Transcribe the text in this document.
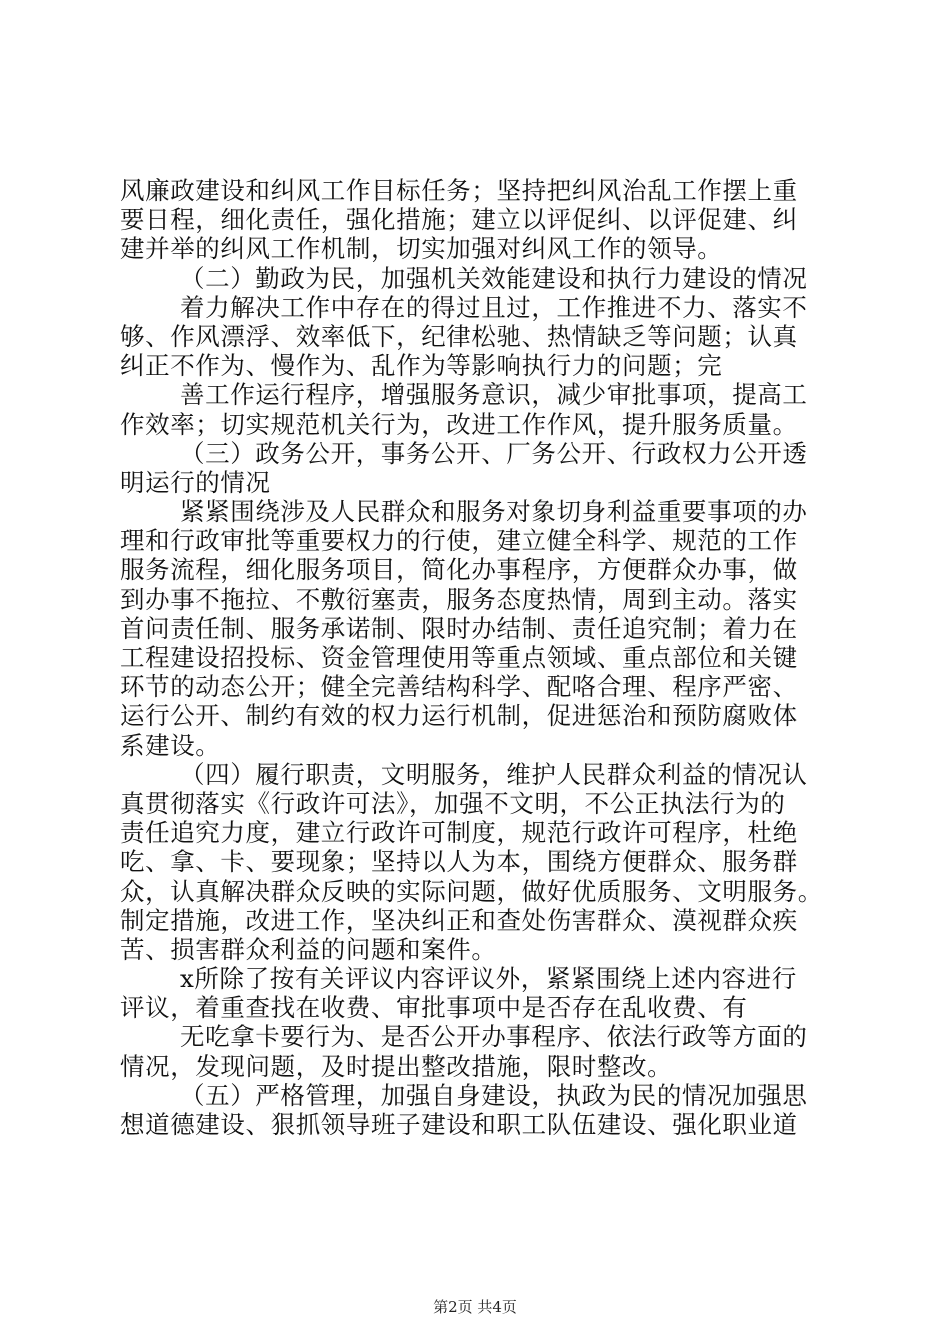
风廉政建设和纠风工作目标任务；坚持把纠风治乱工作摆上重
要日程，细化责任，强化措施；建立以评促纠、以评促建、纠
建并举的纠风工作机制，切实加强对纠风工作的领导。
（二）勤政为民，加强机关效能建设和执行力建设的情况
着力解决工作中存在的得过且过，工作推进不力、落实不
够、作风漂浮、效率低下，纪律松驰、热情缺乏等问题；认真
纠正不作为、慢作为、乱作为等影响执行力的问题；完
善工作运行程序，增强服务意识，减少审批事项，提高工
作效率；切实规范机关行为，改进工作作风，提升服务质量。
（三）政务公开，事务公开、厂务公开、行政权力公开透
明运行的情况
紧紧围绕涉及人民群众和服务对象切身利益重要事项的办
理和行政审批等重要权力的行使，建立健全科学、规范的工作
服务流程，细化服务项目，简化办事程序，方便群众办事，做
到办事不拖拉、不敷衍塞责，服务态度热情，周到主动。落实
首问责任制、服务承诺制、限时办结制、责任追究制；着力在
工程建设招投标、资金管理使用等重点领域、重点部位和关键
环节的动态公开；健全完善结构科学、配咯合理、程序严密、
运行公开、制约有效的权力运行机制，促进惩治和预防腐败体
系建设。
（四）履行职责，文明服务，维护人民群众利益的情况认
真贯彻落实《行政许可法》，加强不文明，不公正执法行为的
责任追究力度，建立行政许可制度，规范行政许可程序，杜绝
吃、拿、卡、要现象；坚持以人为本，围绕方便群众、服务群
众，认真解决群众反映的实际问题，做好优质服务、文明服务。
制定措施，改进工作，坚决纠正和查处伤害群众、漠视群众疾
苦、损害群众利益的问题和案件。
x所除了按有关评议内容评议外，紧紧围绕上述内容进行
评议，着重查找在收费、审批事项中是否存在乱收费、有
无吃拿卡要行为、是否公开办事程序、依法行政等方面的
情况，发现问题，及时提出整改措施，限时整改。
（五）严格管理，加强自身建设，执政为民的情况加强思
想道德建设、狠抓领导班子建设和职工队伍建设、强化职业道
第2页 共4页
